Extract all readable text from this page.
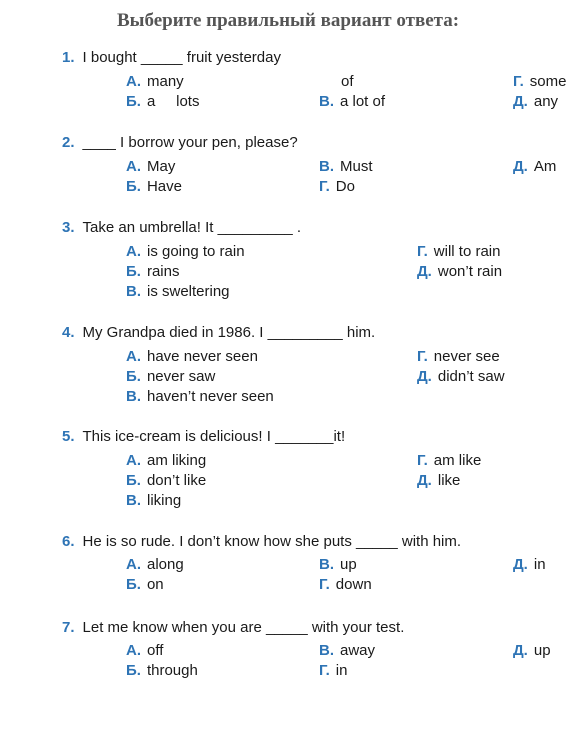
Выберите правильный вариант ответа:
1. I bought _____ fruit yesterday
А. many	of	Г. some
Б. a     lots	В. a lot of	Д. any
2. ____ I borrow your pen, please?
А. May	В. Must	Д. Am
Б. Have	Г. Do
3. Take an umbrella! It _________ .
А. is going to rain	Г. will to rain
Б. rains	Д. won’t rain
В. is sweltering
4. My Grandpa died in 1986. I _________ him.
А. have never seen	Г. never see
Б. never saw	Д. didn’t saw
В. haven’t never seen
5. This ice-cream is delicious! I _______it!
А. am liking	Г. am like
Б. don’t like	Д. like
В. liking
6. He is so rude. I don’t know how she puts _____ with him.
А. along	В. up	Д. in
Б. on	Г. down
7. Let me know when you are _____ with your test.
А. off	В. away	Д. up
Б. through	Г. in
